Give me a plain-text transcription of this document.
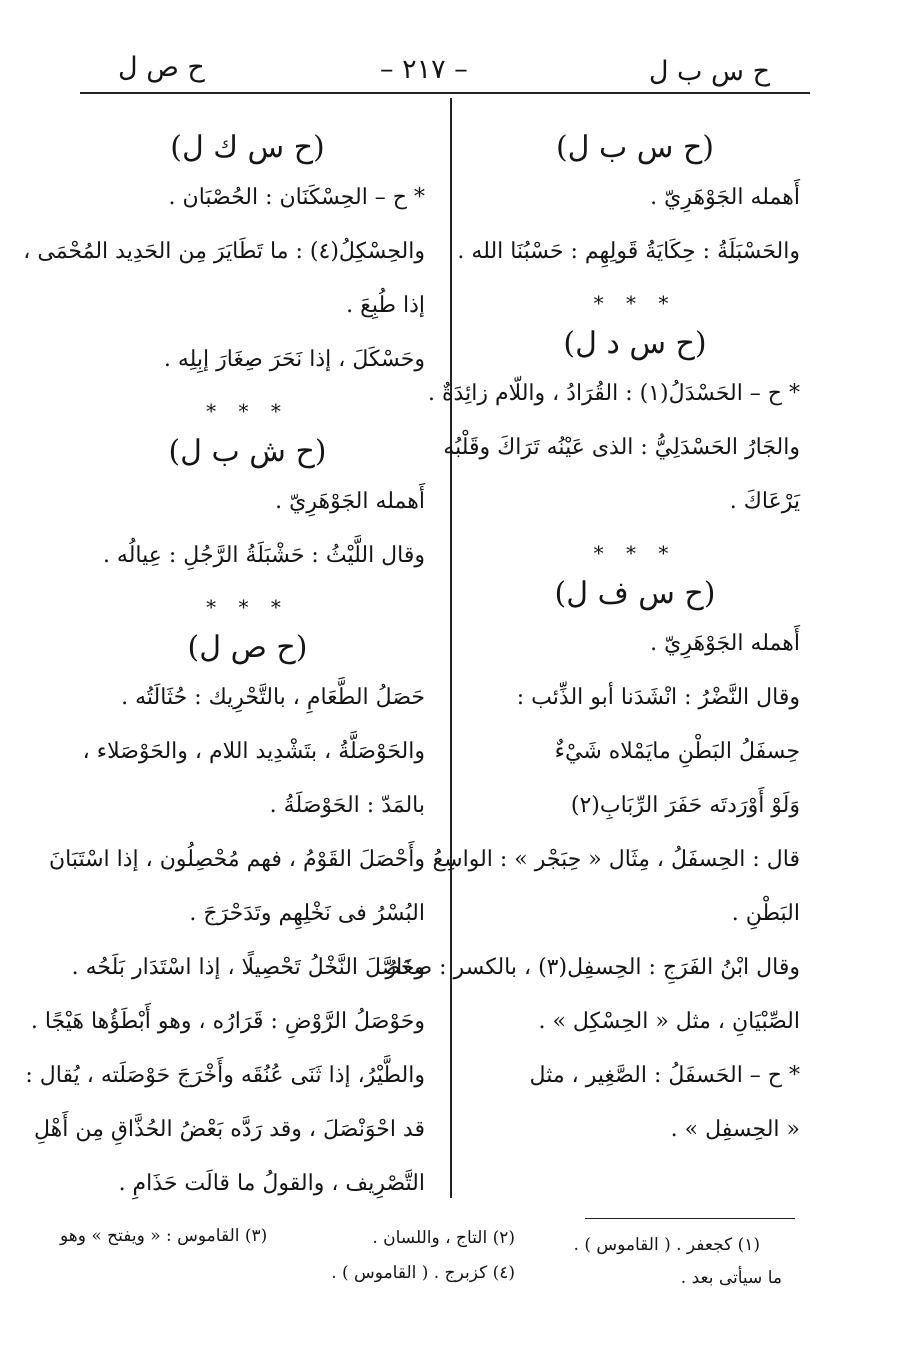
ح س ب ل
– ٢١٧ –
ح ص ل
(ح س ب ل)
أَهمله الجَوْهَرِيّ .
والحَسْبَلَةُ : حِكَايَةُ قَولِهِم : حَسْبُنَا الله .
* * *
(ح س د ل)
* ح – الحَسْدَلُ(١) : القُرَادُ ، واللّام زائِدَةٌ .
والجَارُ الحَسْدَلِيُّ : الذى عَيْنُه تَرَاكَ وقَلْبُه
يَرْعَاكَ .
* * *
(ح س ف ل)
أَهمله الجَوْهَرِيّ .
وقال النَّضْرُ : انْشَدَنا أبو الذِّئب :
حِسفَلُ البَطْنِ مايَمْلاه شَيْءٌ
وَلَوْ أَوْرَدتَه حَفَرَ الرِّبَابِ(٢)
قال : الحِسفَلُ ، مِثَال « حِبَجْر » : الواسِعُ
البَطْنِ .
وقال ابْنُ الفَرَجِ : الحِسفِل(٣) ، بالكسر : صِغَارُ
الصِّبْيَانِ ، مثل « الحِسْكِل » .
* ح – الحَسفَلُ : الصَّغِير ، مثل
« الحِسفِل » .
(ح س ك ل)
* ح – الحِسْكَنَان : الحُصْبَان .
والحِسْكِلُ(٤) : ما تَطَايَرَ مِن الحَدِيد المُحْمَى ،
إذا طُبِعَ .
وحَسْكَلَ ، إذا نَحَرَ صِغَارَ إبِلِه .
* * *
(ح ش ب ل)
أَهمله الجَوْهَرِيّ .
وقال اللَّيْثُ : حَشْبَلَةُ الرَّجُلِ : عِيالُه .
* * *
(ح ص ل)
حَصَلُ الطَّعَامِ ، بالتَّحْرِيك : حُثَالَتُه .
والحَوْصَلَّةُ ، بتَشْدِيد اللام ، والحَوْصَلاء ،
بالمَدّ : الحَوْصَلَةُ .
وأَحْصَلَ القَوْمُ ، فهم مُحْصِلُون ، إذا اسْتَبَانَ
البُسْرُ فى نَخْلِهِم وتَدَحْرَجَ .
وحَصَّلَ النَّخْلُ تَحْصِيلًا ، إذا اسْتَدَار بَلَحُه .
وحَوْصَلُ الرَّوْضِ : قَرَارُه ، وهو أَبْطَؤُها هَيْجًا .
والطَّيْرُ، إذا ثَنَى عُنُقَه وأَخْرَجَ حَوْصَلَته ، يُقال :
قد احْوَنْصَلَ ، وقد رَدَّه بَعْضُ الحُذَّاقِ مِن أَهْلِ
التَّصْرِيف ، والقولُ ما قالَت حَذَامِ .
(١) كجعفر . ( القاموس ) .
ما سيأتى بعد .
(٢) التاج ، واللسان .
(٣) القاموس : « ويفتح » وهو
(٤) كزبرج . ( القاموس ) .
